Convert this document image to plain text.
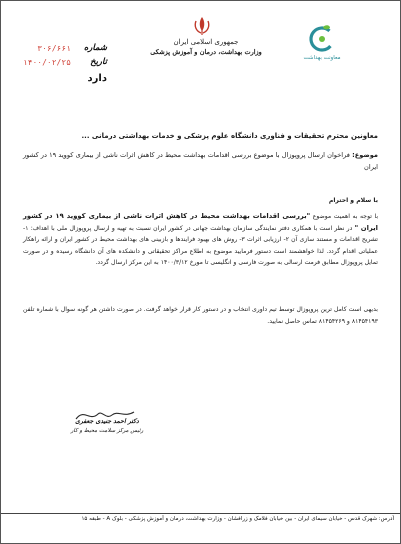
معاونت بهداشت
جمهوری اسلامی ایران
وزارت بهداشت، درمان و آموزش پزشکی
شماره
۳۰۶/۶۶۱
تاریخ
۱۴۰۰/۰۲/۲۵
دارد
معاونین محترم تحقیقات و فناوری دانشگاه علوم پزشکی و خدمات بهداشتی درمانی ...
موضوع: فراخوان ارسال پروپوزال با موضوع بررسی اقدامات بهداشت محیط در کاهش اثرات ناشی از بیماری کووید ۱۹ در کشور ایران
با سلام و احترام
با توجه به اهمیت موضوع "بررسی اقدامات بهداشت محیط در کاهش اثرات ناشی از بیماری کووید ۱۹ در کشور ایران " در نظر است با همکاری دفتر نمایندگی سازمان بهداشت جهانی در کشور ایران نسبت به تهیه و ارسال پروپوزال ملی با اهداف: ۱- تشریح اقدامات و مستند سازی آن ۲- ارزیابی اثرات ۳- روش های بهبود فرایندها و بازبینی های بهداشت محیط در کشور ایران و ارائه راهکار عملیاتی اقدام گردد. لذا خواهشمند است دستور فرمایید موضوع به اطلاع مراکز تحقیقاتی و دانشکده های آن دانشگاه رسیده و در صورت تمایل پروپوزال مطابق فرمت ارسالی به صورت فارسی و انگلیسی تا مورخ ۱۴۰۰/۳/۱۲ به این مرکز ارسال گردد.
بدیهی است کامل ترین پروپوزال توسط تیم داوری انتخاب و در دستور کار قرار خواهد گرفت. در صورت داشتن هر گونه سوال با شماره تلفن ۸۱۴۵۴۱۹۳ و ۸۱۴۵۴۲۶۹ تماس حاصل نمایید.
دکتر احمد جنیدی جعفری
رئیس مرکز سلامت محیط و کار
آدرس: شهرک قدس - خیابان سیمای ایران - بین خیابان فلامک و زرافشان - وزارت بهداشت، درمان و آموزش پزشکی - بلوک A - طبقه ۱۵
